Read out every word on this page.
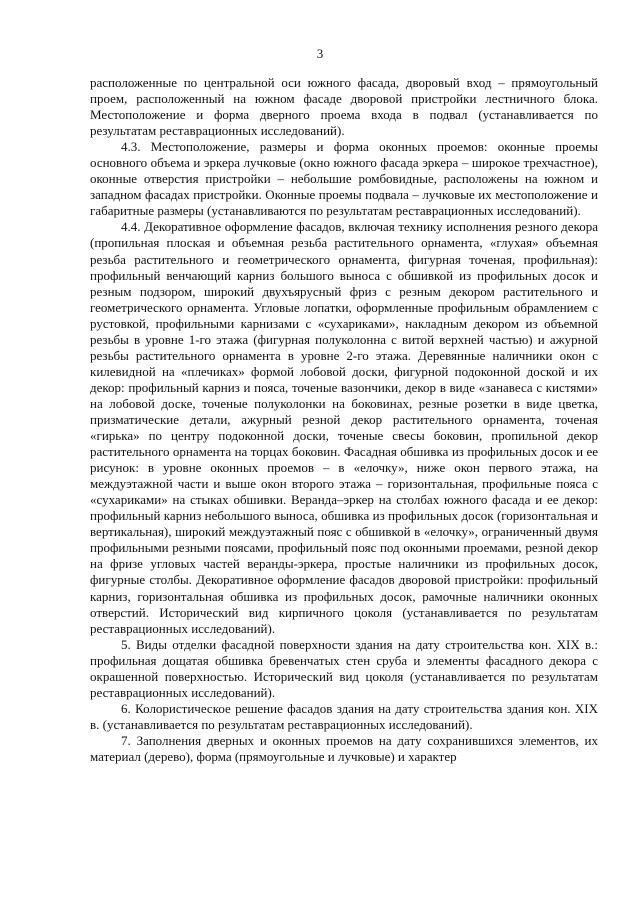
3

расположенные по центральной оси южного фасада, дворовый вход – прямоугольный проем, расположенный на южном фасаде дворовой пристройки лестничного блока. Местоположение и форма дверного проема входа в подвал (устанавливается по результатам реставрационных исследований).

4.3. Местоположение, размеры и форма оконных проемов: оконные проемы основного объема и эркера лучковые (окно южного фасада эркера – широкое трехчастное), оконные отверстия пристройки – небольшие ромбовидные, расположены на южном и западном фасадах пристройки. Оконные проемы подвала – лучковые их местоположение и габаритные размеры (устанавливаются по результатам реставрационных исследований).

4.4. Декоративное оформление фасадов, включая технику исполнения резного декора (пропильная плоская и объемная резьба растительного орнамента, «глухая» объемная резьба растительного и геометрического орнамента, фигурная точеная, профильная): профильный венчающий карниз большого выноса с обшивкой из профильных досок и резным подзором, широкий двухъярусный фриз с резным декором растительного и геометрического орнамента. Угловые лопатки, оформленные профильным обрамлением с рустовкой, профильными карнизами с «сухариками», накладным декором из объемной резьбы в уровне 1-го этажа (фигурная полуколонна с витой верхней частью) и ажурной резьбы растительного орнамента в уровне 2-го этажа. Деревянные наличники окон с килевидной на «плечиках» формой лобовой доски, фигурной подоконной доской и их декор: профильный карниз и пояса, точеные вазончики, декор в виде «занавеса с кистями» на лобовой доске, точеные полуколонки на боковинах, резные розетки в виде цветка, призматические детали, ажурный резной декор растительного орнамента, точеная «гирька» по центру подоконной доски, точеные свесы боковин, пропильной декор растительного орнамента на торцах боковин. Фасадная обшивка из профильных досок и ее рисунок: в уровне оконных проемов – в «елочку», ниже окон первого этажа, на междуэтажной части и выше окон второго этажа – горизонтальная, профильные пояса с «сухариками» на стыках обшивки. Веранда–эркер на столбах южного фасада и ее декор: профильный карниз небольшого выноса, обшивка из профильных досок (горизонтальная и вертикальная), широкий междуэтажный пояс с обшивкой в «елочку», ограниченный двумя профильными резными поясами, профильный пояс под оконными проемами, резной декор на фризе угловых частей веранды-эркера, простые наличники из профильных досок, фигурные столбы. Декоративное оформление фасадов дворовой пристройки: профильный карниз, горизонтальная обшивка из профильных досок, рамочные наличники оконных отверстий. Исторический вид кирпичного цоколя (устанавливается по результатам реставрационных исследований).

5. Виды отделки фасадной поверхности здания на дату строительства кон. XIX в.: профильная дощатая обшивка бревенчатых стен сруба и элементы фасадного декора с окрашенной поверхностью. Исторический вид цоколя (устанавливается по результатам реставрационных исследований).

6. Колористическое решение фасадов здания на дату строительства здания кон. XIX в. (устанавливается по результатам реставрационных исследований).

7. Заполнения дверных и оконных проемов на дату сохранившихся элементов, их материал (дерево), форма (прямоугольные и лучковые) и характер
